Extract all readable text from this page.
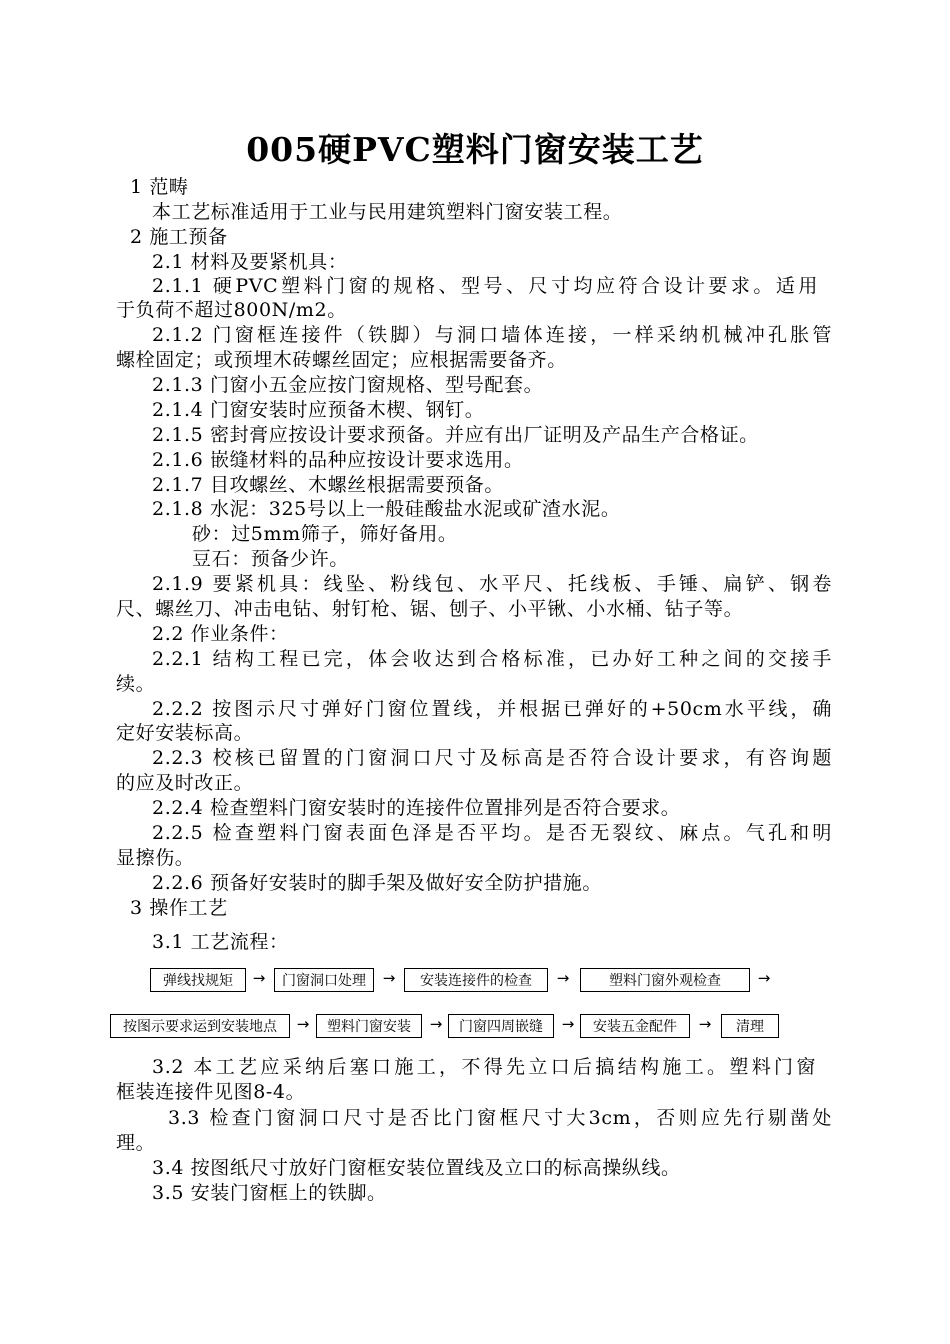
005硬PVC塑料门窗安装工艺
1 范畴
本工艺标准适用于工业与民用建筑塑料门窗安装工程。
2 施工预备
2.1 材料及要紧机具：
2.1.1 硬PVC塑料门窗的规格、型号、尺寸均应符合设计要求。适用
于负荷不超过800N/m2。
2.1.2 门窗框连接件（铁脚）与洞口墙体连接，一样采纳机械冲孔胀管
螺栓固定；或预埋木砖螺丝固定；应根据需要备齐。
2.1.3 门窗小五金应按门窗规格、型号配套。
2.1.4 门窗安装时应预备木楔、钢钉。
2.1.5 密封膏应按设计要求预备。并应有出厂证明及产品生产合格证。
2.1.6 嵌缝材料的品种应按设计要求选用。
2.1.7 目攻螺丝、木螺丝根据需要预备。
2.1.8 水泥：325号以上一般硅酸盐水泥或矿渣水泥。
砂：过5mm筛子，筛好备用。
豆石：预备少许。
2.1.9 要紧机具：线坠、粉线包、水平尺、托线板、手锤、扁铲、钢卷
尺、螺丝刀、冲击电钻、射钉枪、锯、刨子、小平锹、小水桶、钻子等。
2.2 作业条件：
2.2.1 结构工程已完，体会收达到合格标准，已办好工种之间的交接手
续。
2.2.2 按图示尺寸弹好门窗位置线，并根据已弹好的+50cm水平线，确
定好安装标高。
2.2.3 校核已留置的门窗洞口尺寸及标高是否符合设计要求，有咨询题
的应及时改正。
2.2.4 检查塑料门窗安装时的连接件位置排列是否符合要求。
2.2.5 检查塑料门窗表面色泽是否平均。是否无裂纹、麻点。气孔和明
显擦伤。
2.2.6 预备好安装时的脚手架及做好安全防护措施。
3 操作工艺
3.1 工艺流程：
弹线找规矩	→	门窗洞口处理	→	安装连接件的检查	→	塑料门窗外观检查	→
按图示要求运到安装地点	→	塑料门窗安装	→	门窗四周嵌缝	→	安装五金配件	→	清理
3.2 本工艺应采纳后塞口施工，不得先立口后搞结构施工。塑料门窗
框装连接件见图8-4。
3.3 检查门窗洞口尺寸是否比门窗框尺寸大3cm，否则应先行剔凿处
理。
3.4 按图纸尺寸放好门窗框安装位置线及立口的标高操纵线。
3.5 安装门窗框上的铁脚。
